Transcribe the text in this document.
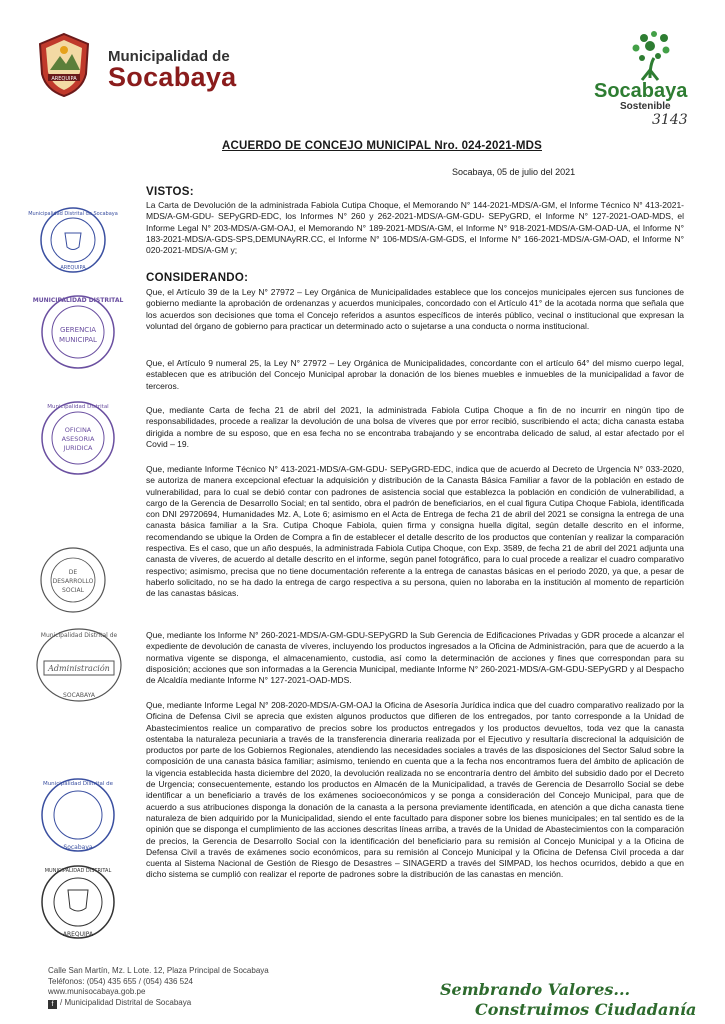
AREQUIPA
Municipalidad de
Socabaya	Socabaya
Sostenible
3143
ACUERDO DE CONCEJO MUNICIPAL Nro. 024-2021-MDS
Socabaya, 05 de julio del 2021
VISTOS:
La Carta de Devolución de la administrada Fabiola Cutipa Choque, el Memorando N° 144-2021-MDS/A-GM, el Informe Técnico N° 413-2021-MDS/A-GM-GDU- SEPyGRD-EDC, los Informes N° 260 y 262-2021-MDS/A-GM-GDU- SEPyGRD, el Informe N° 127-2021-OAD-MDS, el Informe Legal N° 203-MDS/A-GM-OAJ, el Memorando N° 189-2021-MDS/A-GM, el Informe N° 918-2021-MDS/A-GM-OAD-UA, el Informe N° 183-2021-MDS/A-GDS-SPS,DEMUNAyRR.CC, el Informe N° 106-MDS/A-GM-GDS, el Informe N° 166-2021-MDS/A-GM-OAD, el Informe N° 020-2021-MDS/A-GM y;
CONSIDERANDO:
Que, el Artículo 39 de la Ley N° 27972 – Ley Orgánica de Municipalidades establece que los concejos municipales ejercen sus funciones de gobierno mediante la aprobación de ordenanzas y acuerdos municipales, concordado con el Artículo 41° de la acotada norma que señala que los acuerdos son decisiones que toma el Concejo referidos a asuntos específicos de interés público, vecinal o institucional que expresan la voluntad del órgano de gobierno para practicar un determinado acto o sujetarse a una conducta o norma institucional.
Que, el Artículo 9 numeral 25, la Ley N° 27972 – Ley Orgánica de Municipalidades, concordante con el artículo 64° del mismo cuerpo legal, establecen que es atribución del Concejo Municipal aprobar la donación de los bienes muebles e inmuebles de la municipalidad a favor de terceros.
Que, mediante Carta de fecha 21 de abril del 2021, la administrada Fabiola Cutipa Choque a fin de no incurrir en ningún tipo de responsabilidades, procede a realizar la devolución de una bolsa de víveres que por error recibió, suscribiendo el acta; dicha canasta estaba dirigida a nombre de su esposo, que en esa fecha no se encontraba trabajando y se encontraba delicado de salud, al estar afectado por el Covid – 19.
Que, mediante Informe Técnico N° 413-2021-MDS/A-GM-GDU- SEPyGRD-EDC, indica que de acuerdo al Decreto de Urgencia N° 033-2020, se autoriza de manera excepcional efectuar la adquisición y distribución de la Canasta Básica Familiar a favor de la población en estado de vulnerabilidad, para lo cual se debió contar con padrones de asistencia social que establezca la población en condición de vulnerabilidad, a cargo de la Gerencia de Desarrollo Social; en tal sentido, obra el padrón de beneficiarios, en el cual figura Cutipa Choque Fabiola, identificada con DNI 29720694, Humanidades Mz. A, Lote 6; asimismo en el Acta de Entrega de fecha 21 de abril del 2021 se consigna la entrega de una canasta básica familiar a la Sra. Cutipa Choque Fabiola, quien firma y consigna huella digital, según detalle descrito en el informe, recomendando se ubique la Orden de Compra a fin de establecer el detalle descrito de los productos que contenían y realizar la comparación respectiva. Es el caso, que un año después, la administrada Fabiola Cutipa Choque, con Exp. 3589, de fecha 21 de abril del 2021 adjunta una canasta de víveres, de acuerdo al detalle descrito en el informe, según panel fotográfico, para lo cual procede a realizar el cuadro comparativo respectivo; asimismo, precisa que no tiene documentación referente a la entrega de canastas básicas en el periodo 2020, ya que, a pesar de haberlo solicitado, no se ha dado la entrega de cargo respectiva a su persona, quien no laboraba en la institución al momento de repartición de las canastas básicas.
Que, mediante los Informe N° 260-2021-MDS/A-GM-GDU-SEPyGRD la Sub Gerencia de Edificaciones Privadas y GDR procede a alcanzar el expediente de devolución de canasta de víveres, incluyendo los productos ingresados a la Oficina de Administración, para que de acuerdo a la normativa vigente se disponga, el almacenamiento, custodia, así como la determinación de acciones y fines que correspondan para su disposición; acciones que son informadas a la Gerencia Municipal, mediante Informe N° 260-2021-MDS/A-GM-GDU-SEPyGRD y al Despacho de Alcaldía mediante Informe N° 127-2021-OAD-MDS.
Que, mediante Informe Legal N° 208-2020-MDS/A-GM-OAJ la Oficina de Asesoría Jurídica indica que del cuadro comparativo realizado por la Oficina de Defensa Civil se aprecia que existen algunos productos que difieren de los entregados, por tanto corresponde a la Unidad de Abastecimientos realice un comparativo de precios sobre los productos entregados y los productos devueltos, toda vez que la canasta ostentaba la naturaleza pecuniaria a través de la transferencia dineraria realizada por el Ejecutivo y resultaría discrecional la adquisición de productos por parte de los Gobiernos Regionales, atendiendo las necesidades sociales a través de las disposiciones del Sector Salud sobre la composición de una canasta básica familiar; asimismo, teniendo en cuenta que a la fecha nos encontramos fuera del ámbito de aplicación de la vigencia establecida hasta diciembre del 2020, la devolución realizada no se encontraría dentro del ámbito del subsidio dado por el Decreto de Urgencia; consecuentemente, estando los productos en Almacén de la Municipalidad, a través de Gerencia de Desarrollo Social se debe identificar a un beneficiario a través de los exámenes socioeconómicos y se ponga a consideración del Concejo Municipal, para que de acuerdo a sus atribuciones disponga la donación de la canasta a la persona previamente identificada, en atención a que dicha canasta tiene naturaleza de bien adquirido por la Municipalidad, siendo el ente facultado para disponer sobre los bienes municipales; en tal sentido es de la opinión que se disponga el cumplimiento de las acciones descritas líneas arriba, a través de la Unidad de Abastecimientos con la comparación de precios, la Gerencia de Desarrollo Social con la identificación del beneficiario para su remisión al Concejo Municipal y a la Oficina de Defensa Civil a través de exámenes socio económicos, para su remisión al Concejo Municipal y la Oficina de Defensa Civil proceda a dar cuenta al Sistema Nacional de Gestión de Riesgo de Desastres – SINAGERD a través del SIMPAD, los hechos ocurridos, debido a que en dicho sistema se cumplió con realizar el reporte de padrones sobre la distribución de las canastas en mención.
Municipalidad Distrital de Socabaya
AREQUIPA
MUNICIPALIDAD DISTRITAL
GERENCIA
MUNICIPAL
Municipalidad Distrital
OFICINA
ASESORIA
JURIDICA
DE
DESARROLLO
SOCIAL
Municipalidad Distrital de
Administración
SOCABAYA
Municipalidad Distrital de
Socabaya
MUNICIPALIDAD DISTRITAL
AREQUIPA
Calle San Martín, Mz. L Lote. 12, Plaza Principal de Socabaya
Teléfonos: (054) 435 655 / (054) 436 524
www.munisocabaya.gob.pe
f / Municipalidad Distrital de Socabaya
Sembrando Valores...
Construimos Ciudadanía
